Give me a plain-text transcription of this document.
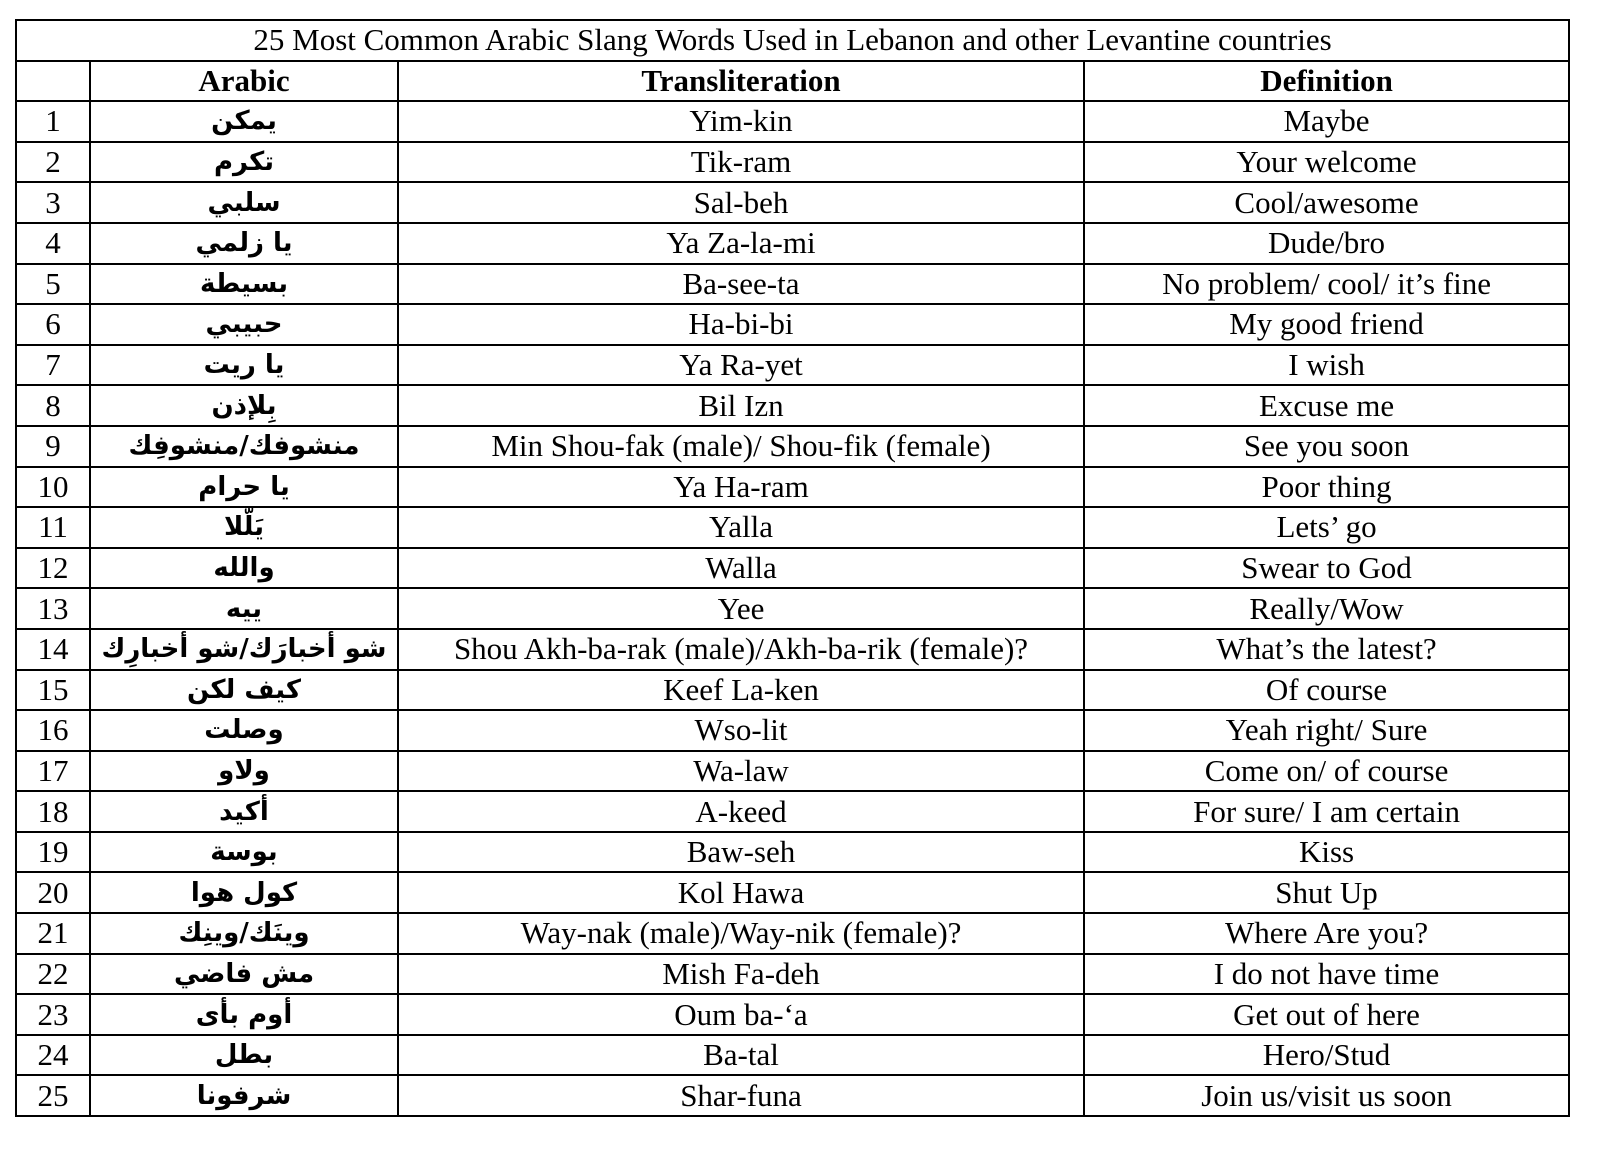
25 Most Common Arabic Slang Words Used in Lebanon and other Levantine countries			
	Arabic	Transliteration	Definition
1	يمكن	Yim-kin	Maybe
2	تكرم	Tik-ram	Your welcome
3	سلبي	Sal-beh	Cool/awesome
4	يا زلمي	Ya Za-la-mi	Dude/bro
5	بسيطة	Ba-see-ta	No problem/ cool/ it’s fine
6	حبيبي	Ha-bi-bi	My good friend
7	يا ريت	Ya Ra-yet	I wish
8	بِلإذن	Bil Izn	Excuse me
9	منشوفك/منشوفِك	Min Shou-fak (male)/ Shou-fik (female)	See you soon
10	يا حرام	Ya Ha-ram	Poor thing
11	يَلّلا	Yalla	Lets’ go
12	والله	Walla	Swear to God
13	ييه	Yee	Really/Wow
14	شو أخبارَك/شو أخبارِك	Shou Akh-ba-rak (male)/Akh-ba-rik (female)?	What’s the latest?
15	كيف لكن	Keef La-ken	Of course
16	وصلت	Wso-lit	Yeah right/ Sure
17	ولاو	Wa-law	Come on/ of course
18	أكيد	A-keed	For sure/ I am certain
19	بوسة	Baw-seh	Kiss
20	كول هوا	Kol Hawa	Shut Up
21	وينَك/وينِك	Way-nak (male)/Way-nik (female)?	Where Are you?
22	مش فاضي	Mish Fa-deh	I do not have time
23	أوم بأى	Oum ba-‘a	Get out of here
24	بطل	Ba-tal	Hero/Stud
25	شرفونا	Shar-funa	Join us/visit us soon
